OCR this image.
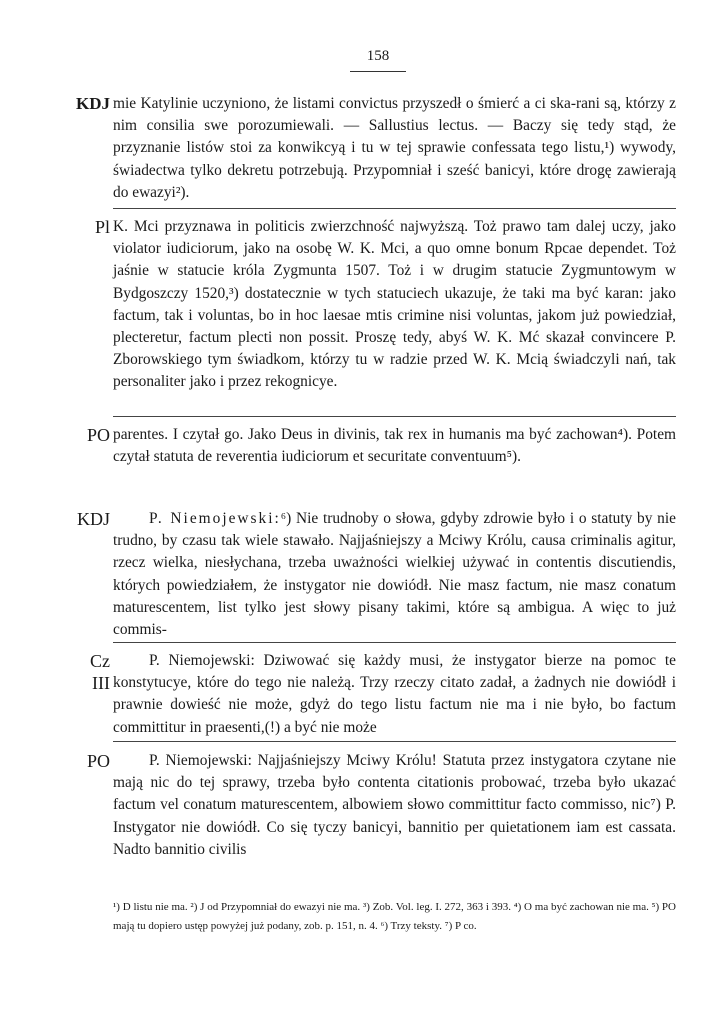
158
KDJ mie Katylinie uczyniono, że listami convictus przyszedł o śmierć a ci ska-rani są, którzy z nim consilia swe porozumiewali. — Sallustius lectus. — Baczy się tedy stąd, że przyznanie listów stoi za konwikcyą i tu w tej sprawie confessata tego listu,¹) wywody, świadectwa tylko dekretu potrzebują. Przypomniał i sześć banicyi, które drogę zawierają do ewazyi²).

Pl K. Mci przyznawa in politicis zwierzchność najwyższą. Toż prawo tam dalej uczy, jako violator iudiciorum, jako na osobę W. K. Mci, a quo omne bonum Rpcae dependet. Toż jaśnie w statucie króla Zygmunta 1507. Toż i w drugim statucie Zygmuntowym w Bydgoszczy 1520,³) dostatecznie w tych statuciech ukazuje, że taki ma być karan: jako factum, tak i voluntas, bo in hoc laesae mtis crimine nisi voluntas, jakom już powiedział, plecteretur, factum plecti non possit. Proszę tedy, abyś W. K. Mć skazał convincere P. Zborowskiego tym świadkom, którzy tu w radzie przed W. K. Mcią świadczyli nań, tak personaliter jako i przez rekognicye.

PO parentes. I czytał go. Jako Deus in divinis, tak rex in humanis ma być zachowan⁴). Potem czytał statuta de reverentia iudiciorum et securitate conventuum⁵).

KDJ	P. Niemojewski:⁶) Nie trudnoby o słowa, gdyby zdrowie było i o statuty by nie trudno, by czasu tak wiele stawało. Najjaśniejszy a Mciwy Królu, causa criminalis agitur, rzecz wielka, niesłychana, trzeba uważności wielkiej używać in contentis discutiendis, których powiedziałem, że instygator nie dowiódł. Nie masz factum, nie masz conatum maturescentem, list tylko jest słowy pisany takimi, które są ambigua. A więc to już commis-

Cz
III

P. Niemojewski: Dziwować się każdy musi, że instygator bierze na pomoc te konstytucye, które do tego nie należą. Trzy rzeczy citato zadał, a żadnych nie dowiódł i prawnie dowieść nie może, gdyż do tego listu factum nie ma i nie było, bo factum committitur in praesenti,(!) a być nie może

PO	P. Niemojewski: Najjaśniejszy Mciwy Królu! Statuta przez instygatora czytane nie mają nic do tej sprawy, trzeba było contenta citationis probować, trzeba było ukazać factum vel conatum maturescentem, albowiem słowo committitur facto commisso, nic⁷) P. Instygator nie dowiódł. Co się tyczy banicyi, bannitio per quietationem iam est cassata. Nadto bannitio civilis

¹) D listu nie ma. ²) J od Przypomniał do ewazyi nie ma. ³) Zob. Vol. leg. I. 272, 363 i 393. ⁴) O ma być zachowan nie ma. ⁵) PO mają tu dopiero ustęp powyżej już podany, zob. p. 151, n. 4. ⁶) Trzy teksty. ⁷) P co.
